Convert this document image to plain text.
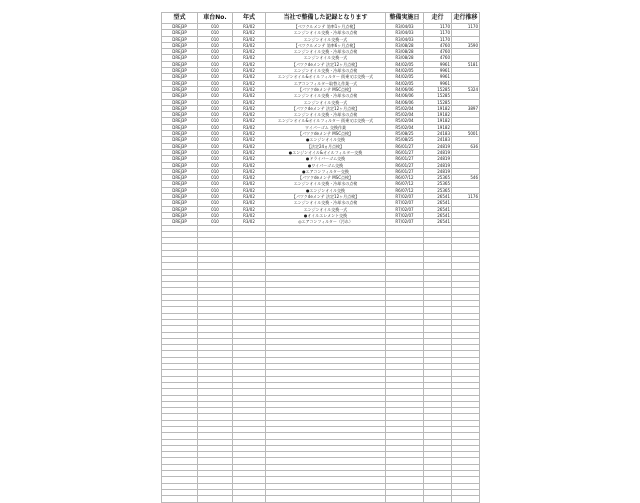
型式	車台No.	年式	当社で整備した記録となります	整備実施日	走行	走行推移
DREJ3P	010	R3/02	【ベツクルメンテ 効率1ヶ月点検】	R3/04/03	1170	1170
DREJ3P	010	R3/02	エンジンオイル交換・冷却水の点検	R3/04/03	1170	
DREJ3P	010	R3/02	エンジンオイル交換一式	R3/04/03	1170	
DREJ3P	010	R3/02	【ベツクルメンテ 効率6ヶ月点検】	R3/08/28	4760	3590
DREJ3P	010	R3/02	エンジンオイル交換・冷却水の点検	R3/08/28	4760	
DREJ3P	010	R3/02	エンジンオイル交換一式	R3/08/28	4760	
DREJ3P	010	R3/02	【パツクdeメンテ 法定12ヶ月点検】	R4/02/05	9961	5181
DREJ3P	010	R3/02	エンジンオイル交換・冷却水の点検	R4/02/05	9961	
DREJ3P	010	R3/02	エンジンオイル&オイルフィルター 街乗又は交換一式	R4/02/05	9961	
DREJ3P	010	R3/02	エアコンフィルター取替え作業一式	R4/02/05	9961	
DREJ3P	010	R3/02	【パツクdeメンテ MSC点検】	R4/06/06	15285	5324
DREJ3P	010	R3/02	エンジンオイル交換・冷却水の点検	R4/06/06	15285	
DREJ3P	010	R3/02	エンジンオイル交換一式	R4/06/06	15285	
DREJ3P	010	R3/02	【パツクdeメンテ 法定12ヶ月点検】	R5/02/04	19182	3897
DREJ3P	010	R3/02	エンジンオイル交換・冷却水の点検	R5/02/04	19182	
DREJ3P	010	R3/02	エンジンオイル&オイルフィルター 街乗又は交換一式	R5/02/04	19182	
DREJ3P	010	R3/02	ワイパーゴム 交換作業	R5/02/04	19182	
DREJ3P	010	R3/02	【パツクdeメンテ MSC点検】	R5/08/25	24183	5001
DREJ3P	010	R3/02	●エンジンオイル交換	R5/08/25	24183	
DREJ3P	010	R3/02	【法定24ヵ月点検】	R6/01/27	24819	636
DREJ3P	010	R3/02	●エンジンオイル&オイルフィルター交換	R6/01/27	24819	
DREJ3P	010	R3/02	●ドライバーゴム交換	R6/01/27	24819	
DREJ3P	010	R3/02	●ワイパーゴム交換	R6/01/27	24819	
DREJ3P	010	R3/02	●エアコンフィルター交換	R6/01/27	24819	
DREJ3P	010	R3/02	【パツクdeメンテ MSC点検】	R6/07/12	25365	546
DREJ3P	010	R3/02	エンジンオイル交換・冷却水の点検	R6/07/12	25365	
DREJ3P	010	R3/02	●エンジンオイル交換	R6/07/12	25365	
DREJ3P	010	R3/02	【パツクdeメンテ 法定12ヶ月点検】	R7/02/07	26541	1176
DREJ3P	010	R3/02	エンジンオイル交換・冷却水の点検	R7/02/07	26541	
DREJ3P	010	R3/02	エンジンオイル交換一式	R7/02/07	26541	
DREJ3P	010	R3/02	●オイルエレメント交換	R7/02/07	26541	
DREJ3P	010	R3/02	◎エアコンフィルター（汚れ）	R7/02/07	26541	
